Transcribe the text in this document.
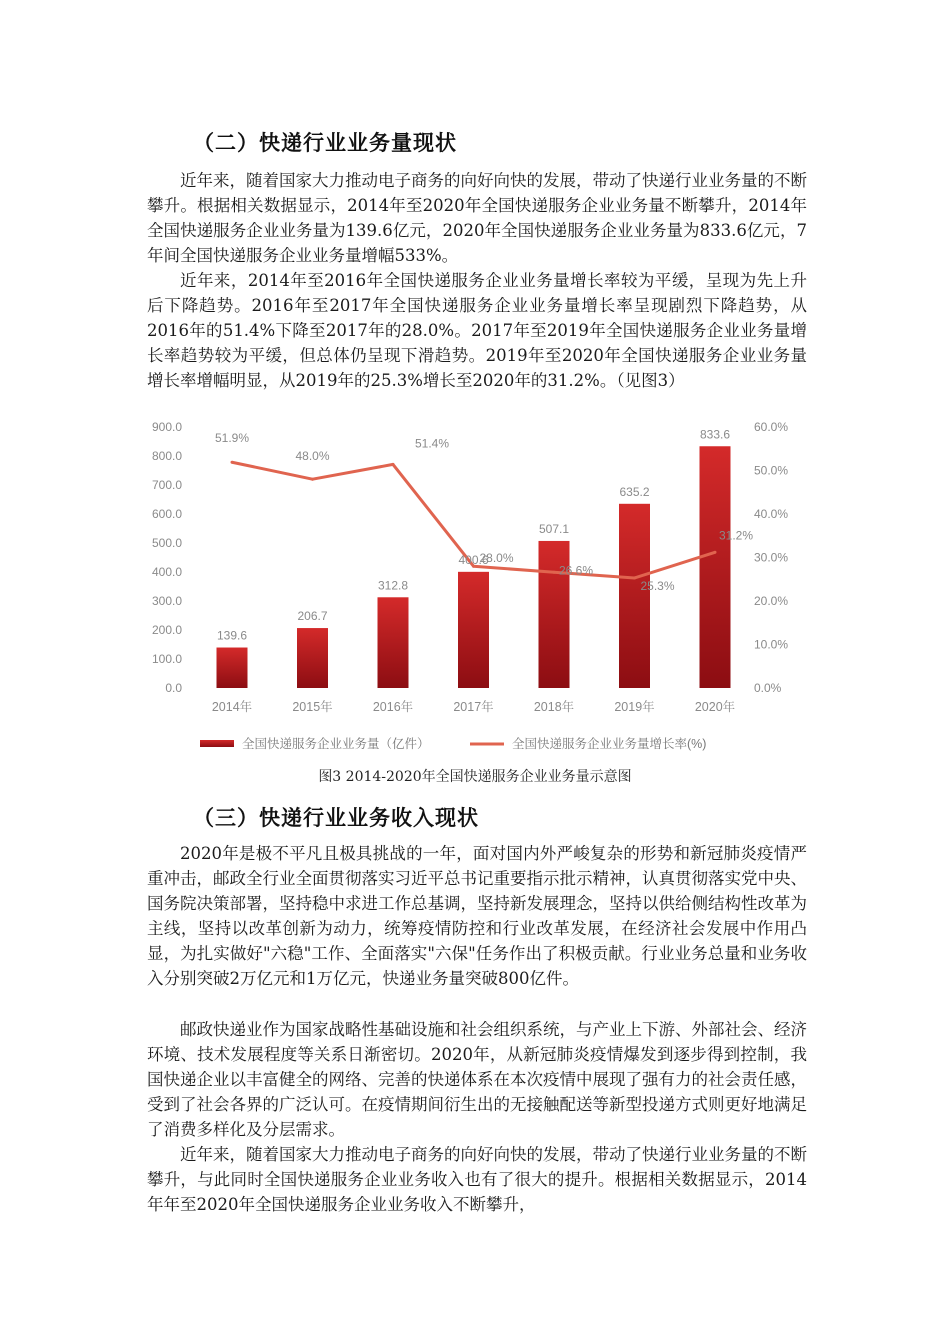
（二）快递行业业务量现状

近年来，随着国家大力推动电子商务的向好向快的发展，带动了快递行业业务量的不断攀升。根据相关数据显示，2014年至2020年全国快递服务企业业务量不断攀升，2014年全国快递服务企业业务量为139.6亿元，2020年全国快递服务企业业务量为833.6亿元，7年间全国快递服务企业业务量增幅533%。

近年来，2014年至2016年全国快递服务企业业务量增长率较为平缓，呈现为先上升后下降趋势。2016年至2017年全国快递服务企业业务量增长率呈现剧烈下降趋势，从2016年的51.4%下降至2017年的28.0%。2017年至2019年全国快递服务企业业务量增长率趋势较为平缓，但总体仍呈现下滑趋势。2019年至2020年全国快递服务企业业务量增长率增幅明显，从2019年的25.3%增长至2020年的31.2%。（见图3）

0.0
100.0
200.0
300.0
400.0
500.0
600.0
700.0
800.0
900.0
0.0%
10.0%
20.0%
30.0%
40.0%
50.0%
60.0%
139.6
206.7
312.8
400.6
507.1
635.2
833.6
51.9%
48.0%
51.4%
28.0%
26.6%
25.3%
31.2%
2014年	2015年	2016年	2017年	2018年	2019年	2020年
全国快递服务企业业务量（亿件）	全国快递服务企业业务量增长率(%)
图3 2014-2020年全国快递服务企业业务量示意图
（三）快递行业业务收入现状

2020年是极不平凡且极具挑战的一年，面对国内外严峻复杂的形势和新冠肺炎疫情严重冲击，邮政全行业全面贯彻落实习近平总书记重要指示批示精神，认真贯彻落实党中央、国务院决策部署，坚持稳中求进工作总基调，坚持新发展理念，坚持以供给侧结构性改革为主线，坚持以改革创新为动力，统筹疫情防控和行业改革发展，在经济社会发展中作用凸显，为扎实做好"六稳"工作、全面落实"六保"任务作出了积极贡献。行业业务总量和业务收入分别突破2万亿元和1万亿元，快递业务量突破800亿件。

邮政快递业作为国家战略性基础设施和社会组织系统，与产业上下游、外部社会、经济环境、技术发展程度等关系日渐密切。2020年，从新冠肺炎疫情爆发到逐步得到控制，我国快递企业以丰富健全的网络、完善的快递体系在本次疫情中展现了强有力的社会责任感，受到了社会各界的广泛认可。在疫情期间衍生出的无接触配送等新型投递方式则更好地满足了消费多样化及分层需求。

近年来，随着国家大力推动电子商务的向好向快的发展，带动了快递行业业务量的不断攀升，与此同时全国快递服务企业业务收入也有了很大的提升。根据相关数据显示，2014年年至2020年全国快递服务企业业务收入不断攀升，
